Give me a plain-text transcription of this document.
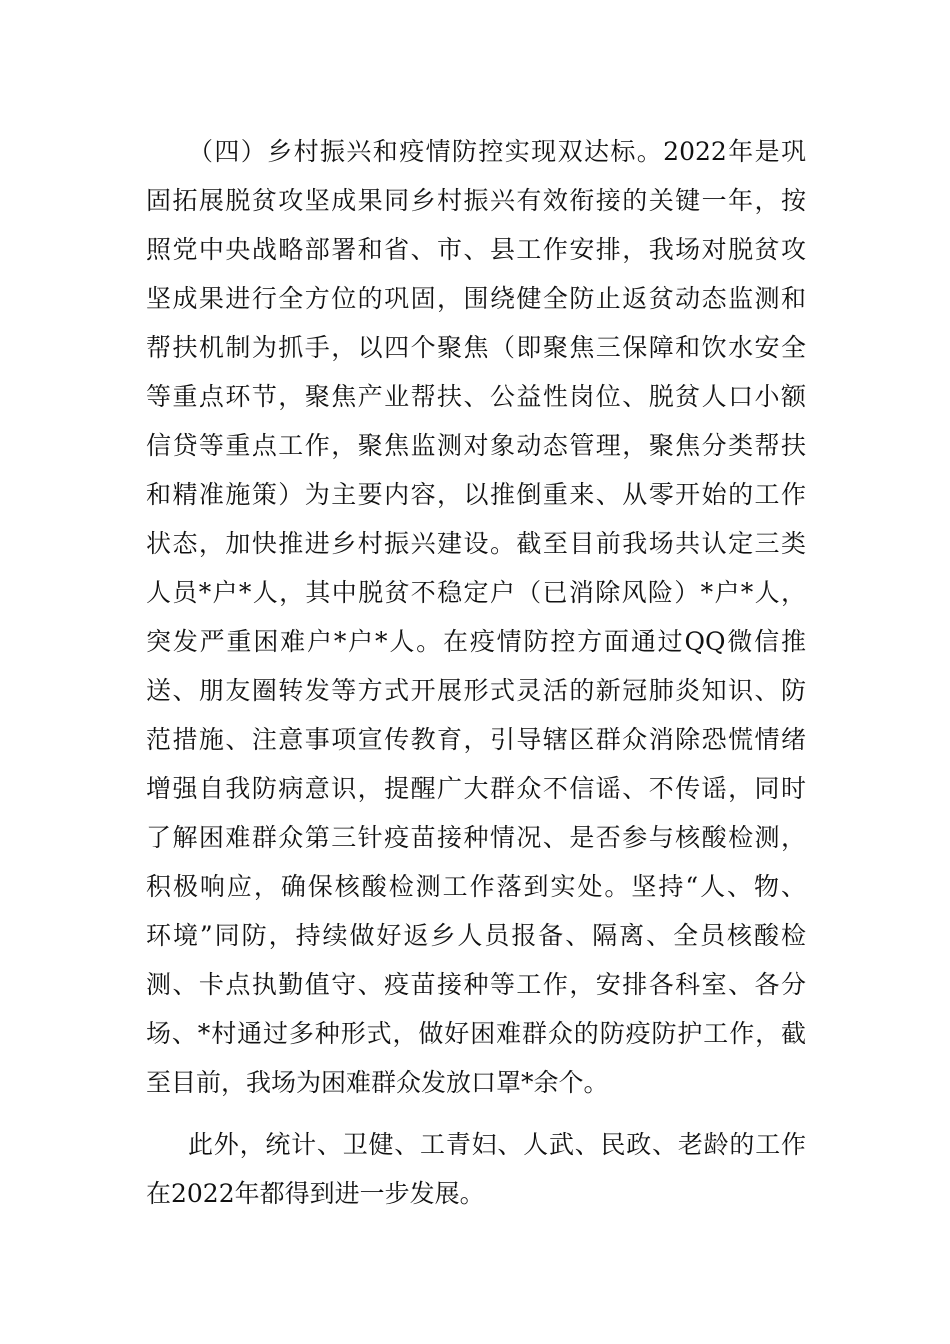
（四）乡村振兴和疫情防控实现双达标。2022年是巩
固拓展脱贫攻坚成果同乡村振兴有效衔接的关键一年，按
照党中央战略部署和省、市、县工作安排，我场对脱贫攻
坚成果进行全方位的巩固，围绕健全防止返贫动态监测和
帮扶机制为抓手，以四个聚焦（即聚焦三保障和饮水安全
等重点环节，聚焦产业帮扶、公益性岗位、脱贫人口小额
信贷等重点工作，聚焦监测对象动态管理，聚焦分类帮扶
和精准施策）为主要内容，以推倒重来、从零开始的工作
状态，加快推进乡村振兴建设。截至目前我场共认定三类
人员*户*人，其中脱贫不稳定户（已消除风险）*户*人，
突发严重困难户*户*人。在疫情防控方面通过QQ微信推
送、朋友圈转发等方式开展形式灵活的新冠肺炎知识、防
范措施、注意事项宣传教育，引导辖区群众消除恐慌情绪
增强自我防病意识，提醒广大群众不信谣、不传谣，同时
了解困难群众第三针疫苗接种情况、是否参与核酸检测，
积极响应，确保核酸检测工作落到实处。坚持“人、物、
环境”同防，持续做好返乡人员报备、隔离、全员核酸检
测、卡点执勤值守、疫苗接种等工作，安排各科室、各分
场、*村通过多种形式，做好困难群众的防疫防护工作，截
至目前，我场为困难群众发放口罩*余个。
此外，统计、卫健、工青妇、人武、民政、老龄的工作
在2022年都得到进一步发展。
